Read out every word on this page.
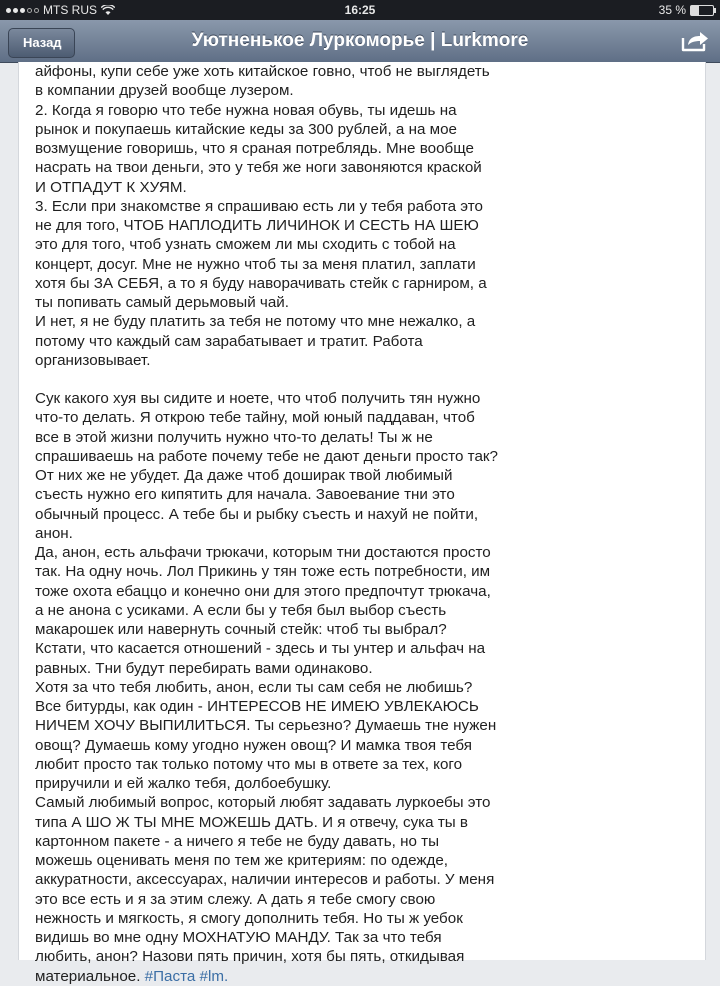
MTS RUS	16:25	35 %
Назад	Уютненькое Луркоморье | Lurkmore
айфоны, купи себе уже хоть китайское говно, чтоб не выглядеть
в компании друзей вообще лузером.
2. Когда я говорю что тебе нужна новая обувь, ты идешь на
рынок и покупаешь китайские кеды за 300 рублей, а на мое
возмущение говоришь, что я сраная потреблядь. Мне вообще
насрать на твои деньги, это у тебя же ноги завоняются краской
И ОТПАДУТ К ХУЯМ.
3. Если при знакомстве я спрашиваю есть ли у тебя работа это
не для того, ЧТОБ НАПЛОДИТЬ ЛИЧИНОК И СЕСТЬ НА ШЕЮ
это для того, чтоб узнать сможем ли мы сходить с тобой на
концерт, досуг. Мне не нужно чтоб ты за меня платил, заплати
хотя бы ЗА СЕБЯ, а то я буду наворачивать стейк с гарниром, а
ты попивать самый дерьмовый чай.
И нет, я не буду платить за тебя не потому что мне нежалко, а
потому что каждый сам зарабатывает и тратит. Работа
организовывает.
Сук какого хуя вы сидите и ноете, что чтоб получить тян нужно
что-то делать. Я открою тебе тайну, мой юный паддаван, чтоб
все в этой жизни получить нужно что-то делать! Ты ж не
спрашиваешь на работе почему тебе не дают деньги просто так?
От них же не убудет. Да даже чтоб доширак твой любимый
съесть нужно его кипятить для начала. Завоевание тни это
обычный процесс. А тебе бы и рыбку съесть и нахуй не пойти,
анон.
Да, анон, есть альфачи трюкачи, которым тни достаются просто
так. На одну ночь. Лол Прикинь у тян тоже есть потребности, им
тоже охота ебаццо и конечно они для этого предпочтут трюкача,
а не анона с усиками. А если бы у тебя был выбор съесть
макарошек или навернуть сочный стейк: чтоб ты выбрал?
Кстати, что касается отношений - здесь и ты унтер и альфач на
равных. Тни будут перебирать вами одинаково.
Хотя за что тебя любить, анон, если ты сам себя не любишь?
Все битурды, как один - ИНТЕРЕСОВ НЕ ИМЕЮ УВЛЕКАЮСЬ
НИЧЕМ ХОЧУ ВЫПИЛИТЬСЯ. Ты серьезно? Думаешь тне нужен
овощ? Думаешь кому угодно нужен овощ? И мамка твоя тебя
любит просто так только потому что мы в ответе за тех, кого
приручили и ей жалко тебя, долбоебушку.
Самый любимый вопрос, который любят задавать луркоебы это
типа А ШО Ж ТЫ МНЕ МОЖЕШЬ ДАТЬ. И я отвечу, сука ты в
картонном пакете - а ничего я тебе не буду давать, но ты
можешь оценивать меня по тем же критериям: по одежде,
аккуратности, аксессуарах, наличии интересов и работы. У меня
это все есть и я за этим слежу. А дать я тебе смогу свою
нежность и мягкость, я смогу дополнить тебя. Но ты ж уебок
видишь во мне одну МОХНАТУЮ МАНДУ. Так за что тебя
любить, анон? Назови пять причин, хотя бы пять, откидывая
материальное. #Паста #lm.
